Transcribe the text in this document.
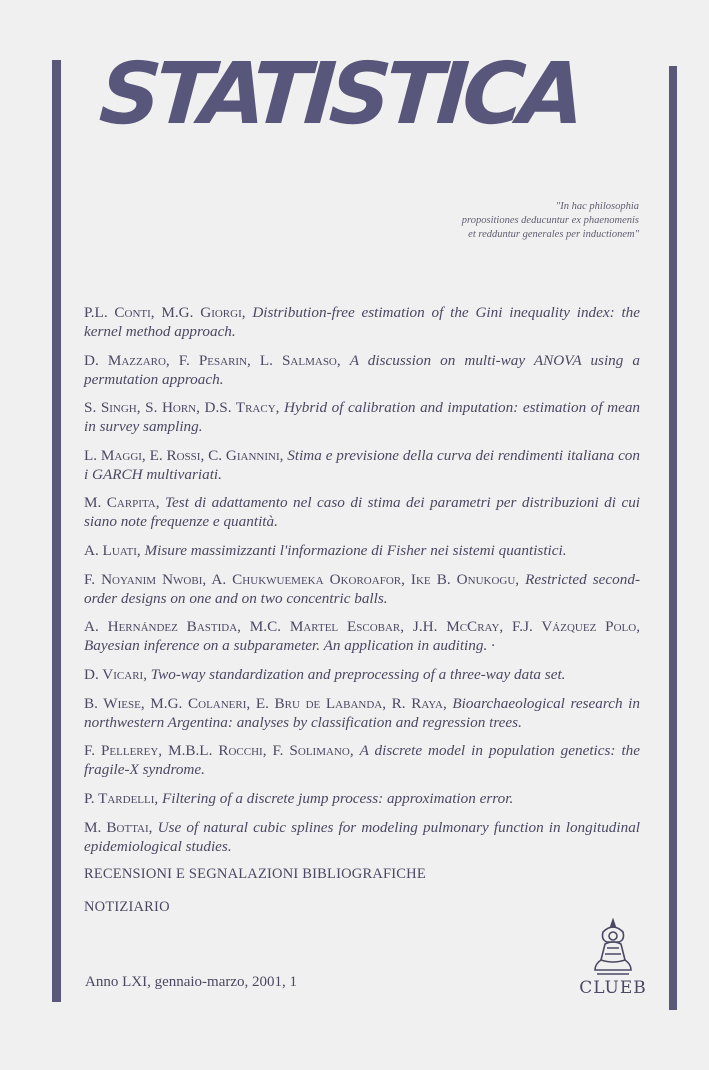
STATISTICA
"In hac philosophia
propositiones deducuntur ex phaenomenis
et redduntur generales per inductionem"

P.L. Conti, M.G. Giorgi, Distribution-free estimation of the Gini inequality index: the kernel method approach.

D. Mazzaro, F. Pesarin, L. Salmaso, A discussion on multi-way ANOVA using a permutation approach.

S. Singh, S. Horn, D.S. Tracy, Hybrid of calibration and imputation: estimation of mean in survey sampling.

L. Maggi, E. Rossi, C. Giannini, Stima e previsione della curva dei rendimenti italiana con i GARCH multivariati.

M. Carpita, Test di adattamento nel caso di stima dei parametri per distribuzioni di cui siano note frequenze e quantità.

A. Luati, Misure massimizzanti l'informazione di Fisher nei sistemi quantistici.

F. Noyanim Nwobi, A. Chukwuemeka Okoroafor, Ike B. Onukogu, Restricted second-order designs on one and on two concentric balls.

A. Hernández Bastida, M.C. Martel Escobar, J.H. McCray, F.J. Vázquez Polo, Bayesian inference on a subparameter. An application in auditing. ·

D. Vicari, Two-way standardization and preprocessing of a three-way data set.

B. Wiese, M.G. Colaneri, E. Bru de Labanda, R. Raya, Bioarchaeological research in northwestern Argentina: analyses by classification and regression trees.

F. Pellerey, M.B.L. Rocchi, F. Solimano, A discrete model in population genetics: the fragile-X syndrome.

P. Tardelli, Filtering of a discrete jump process: approximation error.

M. Bottai, Use of natural cubic splines for modeling pulmonary function in longitudinal epidemiological studies.

RECENSIONI E SEGNALAZIONI BIBLIOGRAFICHE

NOTIZIARIO

Anno LXI, gennaio-marzo, 2001, 1	CLUEB
